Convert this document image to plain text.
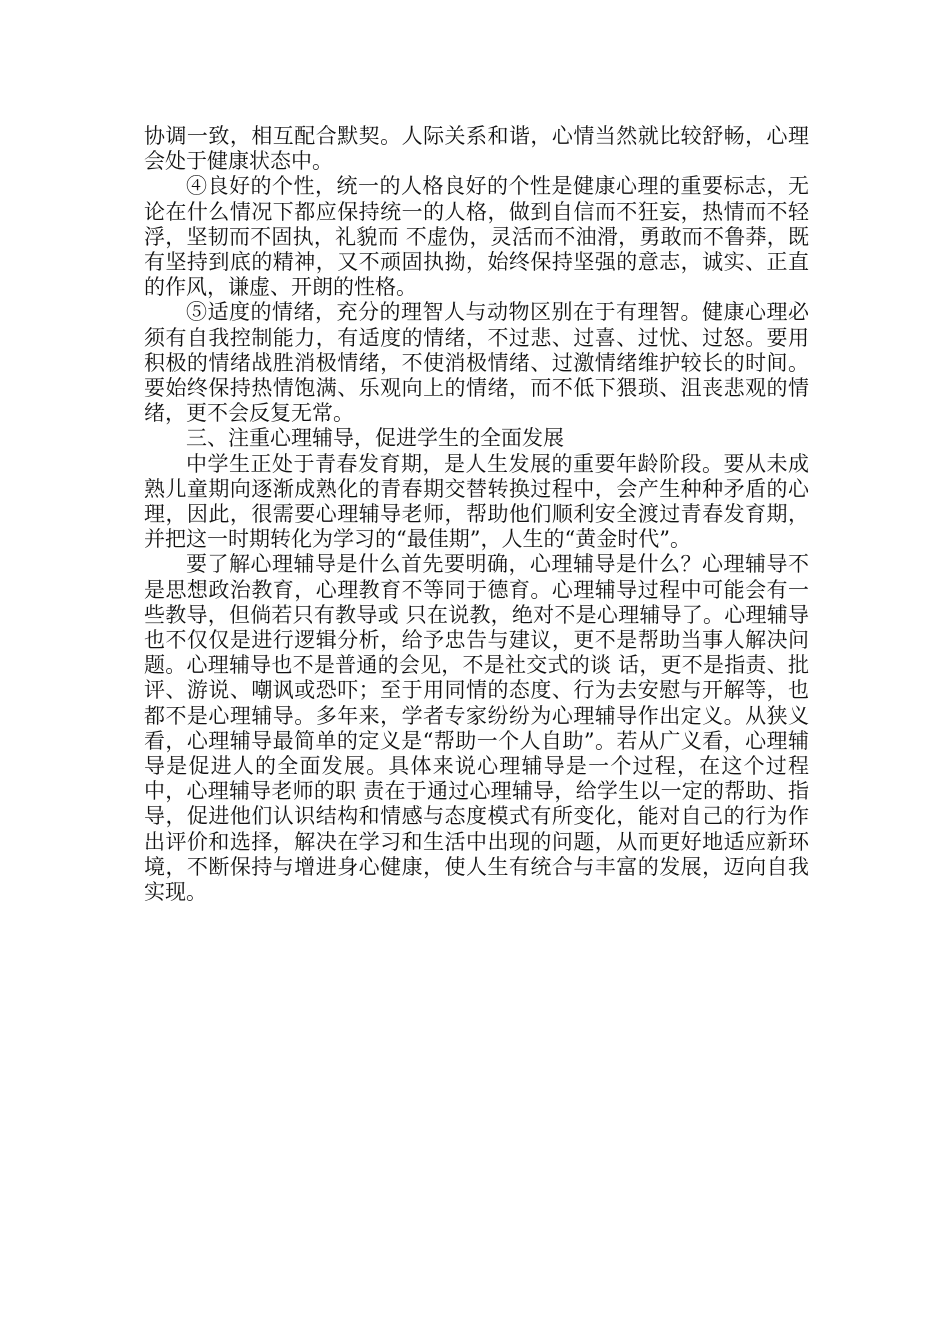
协调一致，相互配合默契。人际关系和谐，心情当然就比较舒畅，心理会处于健康状态中。

④良好的个性，统一的人格良好的个性是健康心理的重要标志，无论在什么情况下都应保持统一的人格，做到自信而不狂妄，热情而不轻浮，坚韧而不固执，礼貌而 不虚伪，灵活而不油滑，勇敢而不鲁莽，既有坚持到底的精神，又不顽固执拗，始终保持坚强的意志，诚实、正直的作风，谦虚、开朗的性格。

⑤适度的情绪，充分的理智人与动物区别在于有理智。健康心理必须有自我控制能力，有适度的情绪，不过悲、过喜、过忧、过怒。要用积极的情绪战胜消极情绪，不使消极情绪、过激情绪维护较长的时间。要始终保持热情饱满、乐观向上的情绪，而不低下猥琐、沮丧悲观的情绪，更不会反复无常。

三、注重心理辅导，促进学生的全面发展

中学生正处于青春发育期，是人生发展的重要年龄阶段。要从未成熟儿童期向逐渐成熟化的青春期交替转换过程中，会产生种种矛盾的心理，因此，很需要心理辅导老师，帮助他们顺利安全渡过青春发育期，并把这一时期转化为学习的“最佳期”，人生的“黄金时代”。

要了解心理辅导是什么首先要明确，心理辅导是什么？心理辅导不是思想政治教育，心理教育不等同于德育。心理辅导过程中可能会有一些教导，但倘若只有教导或 只在说教，绝对不是心理辅导了。心理辅导也不仅仅是进行逻辑分析，给予忠告与建议，更不是帮助当事人解决问题。心理辅导也不是普通的会见，不是社交式的谈 话，更不是指责、批评、游说、嘲讽或恐吓；至于用同情的态度、行为去安慰与开解等，也都不是心理辅导。多年来，学者专家纷纷为心理辅导作出定义。从狭义 看，心理辅导最简单的定义是“帮助一个人自助”。若从广义看，心理辅导是促进人的全面发展。具体来说心理辅导是一个过程，在这个过程中，心理辅导老师的职 责在于通过心理辅导，给学生以一定的帮助、指导，促进他们认识结构和情感与态度模式有所变化，能对自己的行为作出评价和选择，解决在学习和生活中出现的问题，从而更好地适应新环境，不断保持与增进身心健康，使人生有统合与丰富的发展，迈向自我实现。
